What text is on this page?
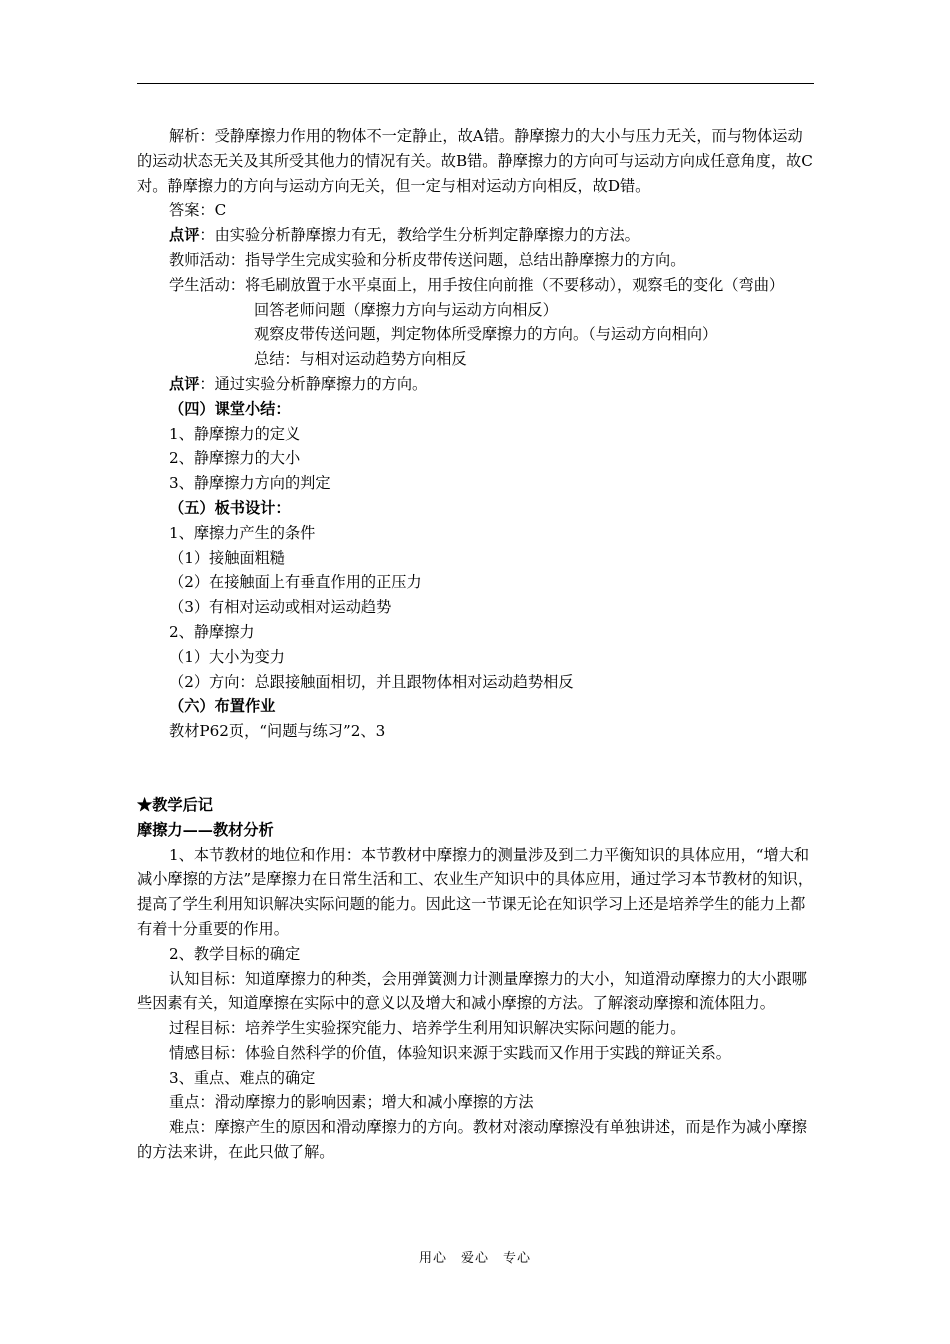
解析：受静摩擦力作用的物体不一定静止，故A错。静摩擦力的大小与压力无关，而与物体运动的运动状态无关及其所受其他力的情况有关。故B错。静摩擦力的方向可与运动方向成任意角度，故C对。静摩擦力的方向与运动方向无关，但一定与相对运动方向相反，故D错。

答案：C

点评：由实验分析静摩擦力有无，教给学生分析判定静摩擦力的方法。

教师活动：指导学生完成实验和分析皮带传送问题，总结出静摩擦力的方向。

学生活动：将毛刷放置于水平桌面上，用手按住向前推（不要移动），观察毛的变化（弯曲）

回答老师问题（摩擦力方向与运动方向相反）

观察皮带传送问题，判定物体所受摩擦力的方向。（与运动方向相向）

总结：与相对运动趋势方向相反

点评：通过实验分析静摩擦力的方向。

（四）课堂小结：

1、静摩擦力的定义

2、静摩擦力的大小

3、静摩擦力方向的判定

（五）板书设计：

1、摩擦力产生的条件

（1）接触面粗糙

（2）在接触面上有垂直作用的正压力

（3）有相对运动或相对运动趋势

2、静摩擦力

（1）大小为变力

（2）方向：总跟接触面相切，并且跟物体相对运动趋势相反

（六）布置作业

教材P62页，“问题与练习”2、3

★教学后记

摩擦力——教材分析

1、本节教材的地位和作用：本节教材中摩擦力的测量涉及到二力平衡知识的具体应用，“增大和减小摩擦的方法”是摩擦力在日常生活和工、农业生产知识中的具体应用，通过学习本节教材的知识，提高了学生利用知识解决实际问题的能力。因此这一节课无论在知识学习上还是培养学生的能力上都有着十分重要的作用。

2、教学目标的确定

认知目标：知道摩擦力的种类，会用弹簧测力计测量摩擦力的大小，知道滑动摩擦力的大小跟哪些因素有关，知道摩擦在实际中的意义以及增大和减小摩擦的方法。了解滚动摩擦和流体阻力。

过程目标：培养学生实验探究能力、培养学生利用知识解决实际问题的能力。

情感目标：体验自然科学的价值，体验知识来源于实践而又作用于实践的辩证关系。

3、重点、难点的确定

重点：滑动摩擦力的影响因素；增大和减小摩擦的方法

难点：摩擦产生的原因和滑动摩擦力的方向。教材对滚动摩擦没有单独讲述，而是作为减小摩擦的方法来讲，在此只做了解。

用心　爱心　专心
